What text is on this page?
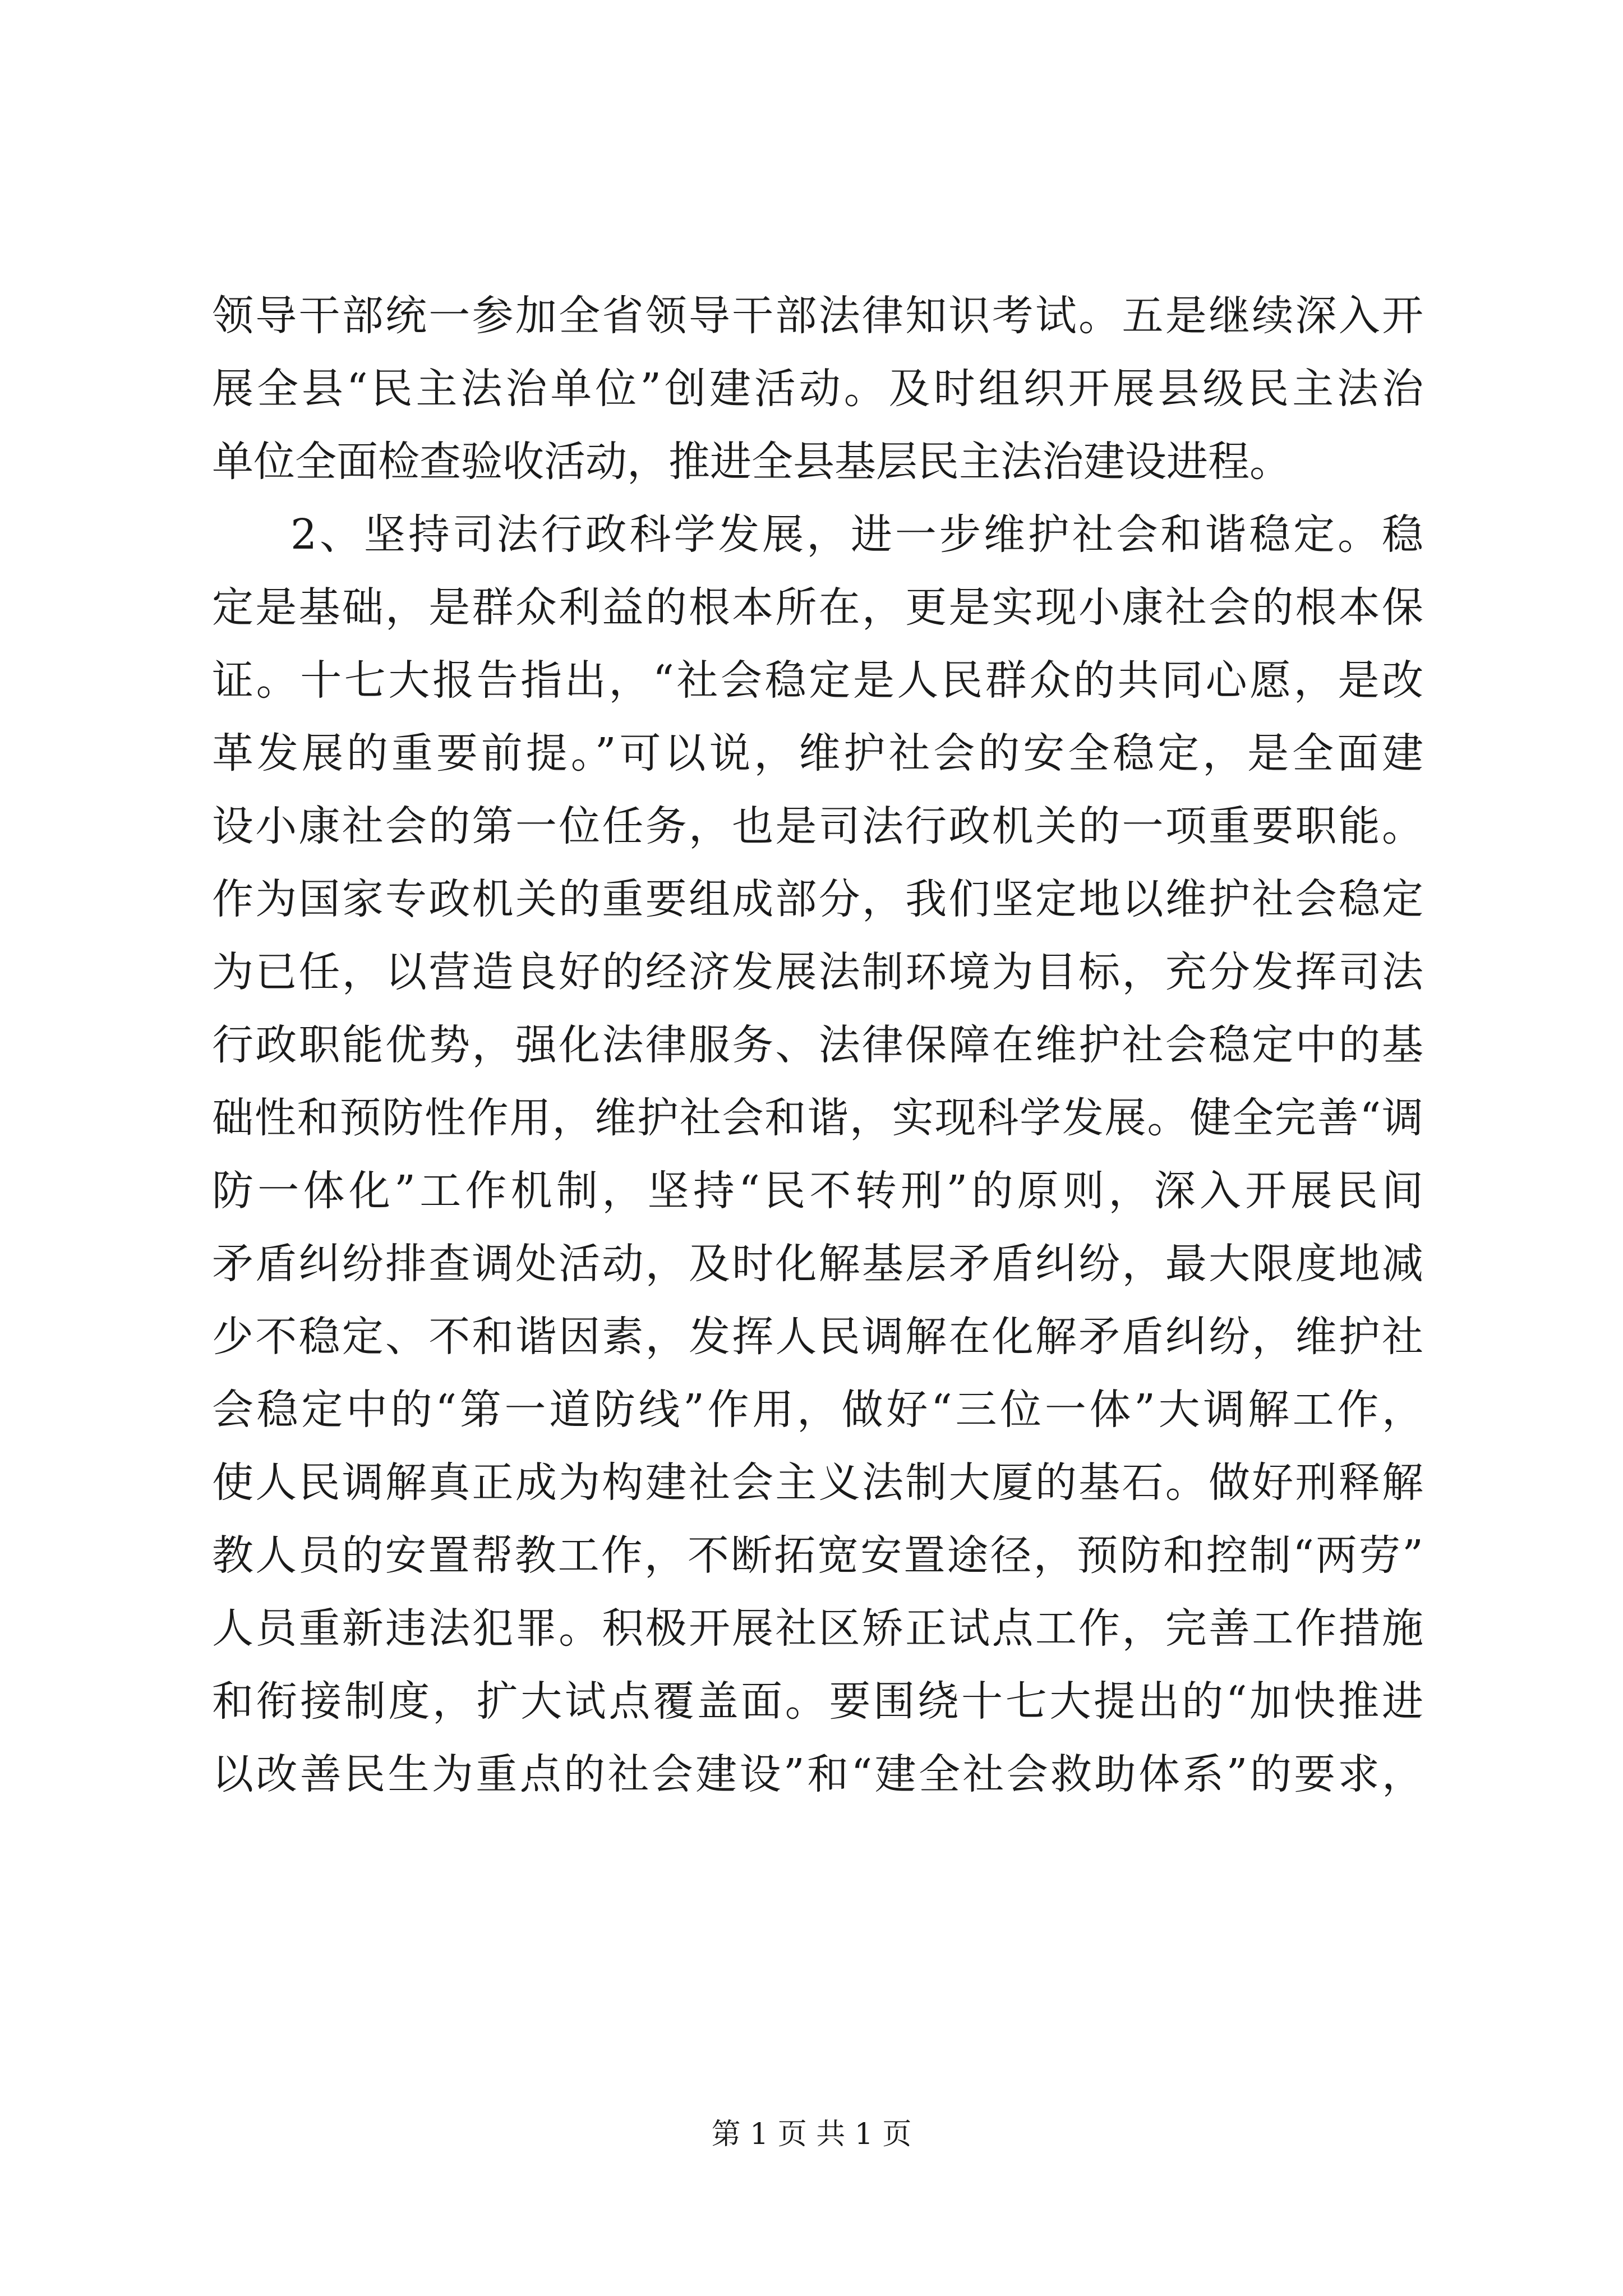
领导干部统一参加全省领导干部法律知识考试。五是继续深入开
展全县“民主法治单位”创建活动。及时组织开展县级民主法治
单位全面检查验收活动，推进全县基层民主法治建设进程。
2、坚持司法行政科学发展，进一步维护社会和谐稳定。稳
定是基础，是群众利益的根本所在，更是实现小康社会的根本保
证。十七大报告指出，“社会稳定是人民群众的共同心愿，是改
革发展的重要前提。”可以说，维护社会的安全稳定，是全面建
设小康社会的第一位任务，也是司法行政机关的一项重要职能。
作为国家专政机关的重要组成部分，我们坚定地以维护社会稳定
为已任，以营造良好的经济发展法制环境为目标，充分发挥司法
行政职能优势，强化法律服务、法律保障在维护社会稳定中的基
础性和预防性作用，维护社会和谐，实现科学发展。健全完善“调
防一体化”工作机制，坚持“民不转刑”的原则，深入开展民间
矛盾纠纷排查调处活动，及时化解基层矛盾纠纷，最大限度地减
少不稳定、不和谐因素，发挥人民调解在化解矛盾纠纷，维护社
会稳定中的“第一道防线”作用，做好“三位一体”大调解工作，
使人民调解真正成为构建社会主义法制大厦的基石。做好刑释解
教人员的安置帮教工作，不断拓宽安置途径，预防和控制“两劳”
人员重新违法犯罪。积极开展社区矫正试点工作，完善工作措施
和衔接制度，扩大试点覆盖面。要围绕十七大提出的“加快推进
以改善民生为重点的社会建设”和“建全社会救助体系”的要求，
第 1 页 共 1 页
